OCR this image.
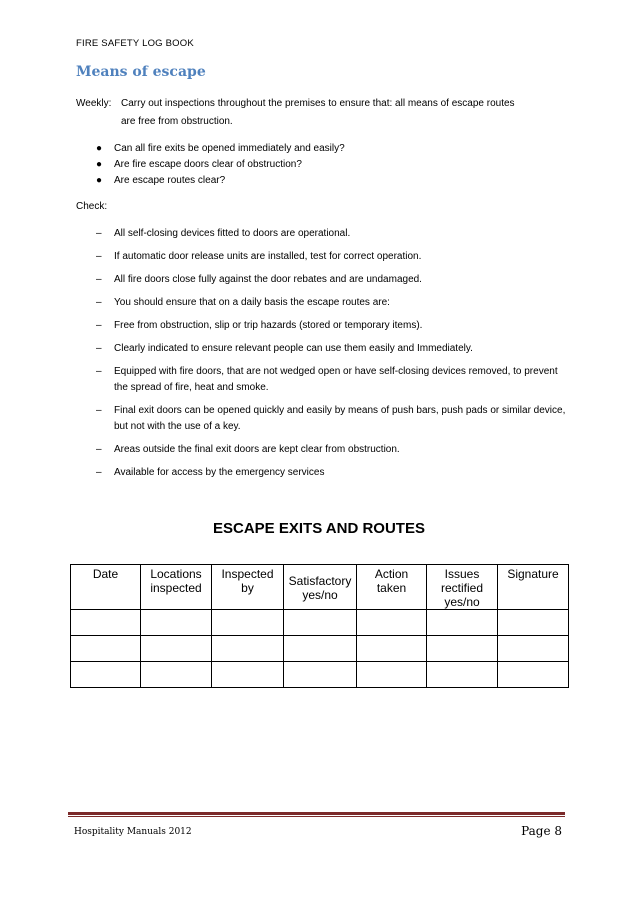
FIRE SAFETY LOG BOOK
Means of escape
Weekly: Carry out inspections throughout the premises to ensure that: all means of escape routes
are free from obstruction.
● Can all fire exits be opened immediately and easily?
● Are fire escape doors clear of obstruction?
● Are escape routes clear?
Check:
– All self-closing devices fitted to doors are operational.
– If automatic door release units are installed, test for correct operation.
– All fire doors close fully against the door rebates and are undamaged.
– You should ensure that on a daily basis the escape routes are:
– Free from obstruction, slip or trip hazards (stored or temporary items).
– Clearly indicated to ensure relevant people can use them easily and Immediately.
– Equipped with fire doors, that are not wedged open or have self-closing devices removed, to prevent the spread of fire, heat and smoke.
– Final exit doors can be opened quickly and easily by means of push bars, push pads or similar device, but not with the use of a key.
– Areas outside the final exit doors are kept clear from obstruction.
– Available for access by the emergency services
ESCAPE EXITS AND ROUTES
Date	Locations inspected	Inspected by	Satisfactory yes/no	Action taken	Issues rectified yes/no	Signature

Hospitality Manuals 2012	Page 8
